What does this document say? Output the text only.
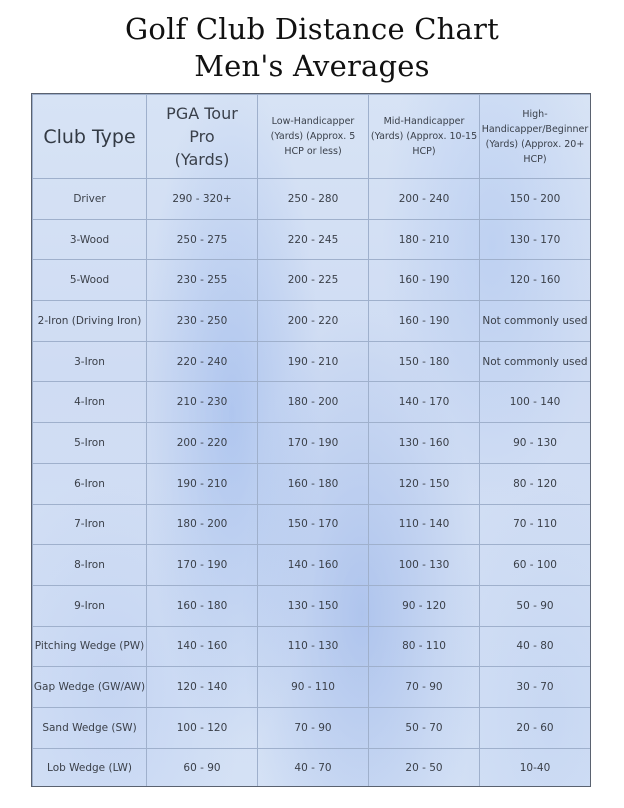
Golf Club Distance Chart
Men's Averages
Club Type	PGA Tour Pro (Yards)	Low-Handicapper (Yards) (Approx. 5 HCP or less)	Mid-Handicapper (Yards) (Approx. 10-15 HCP)	High-Handicapper/Beginner (Yards) (Approx. 20+ HCP)

Driver	290 - 320+	250 - 280	200 - 240	150 - 200
3-Wood	250 - 275	220 - 245	180 - 210	130 - 170
5-Wood	230 - 255	200 - 225	160 - 190	120 - 160
2-Iron (Driving Iron)	230 - 250	200 - 220	160 - 190	Not commonly used
3-Iron	220 - 240	190 - 210	150 - 180	Not commonly used
4-Iron	210 - 230	180 - 200	140 - 170	100 - 140
5-Iron	200 - 220	170 - 190	130 - 160	90 - 130
6-Iron	190 - 210	160 - 180	120 - 150	80 - 120
7-Iron	180 - 200	150 - 170	110 - 140	70 - 110
8-Iron	170 - 190	140 - 160	100 - 130	60 - 100
9-Iron	160 - 180	130 - 150	90 - 120	50 - 90
Pitching Wedge (PW)	140 - 160	110 - 130	80 - 110	40 - 80
Gap Wedge (GW/AW)	120 - 140	90 - 110	70 - 90	30 - 70
Sand Wedge (SW)	100 - 120	70 - 90	50 - 70	20 - 60
Lob Wedge (LW)	60 - 90	40 - 70	20 - 50	10-40
